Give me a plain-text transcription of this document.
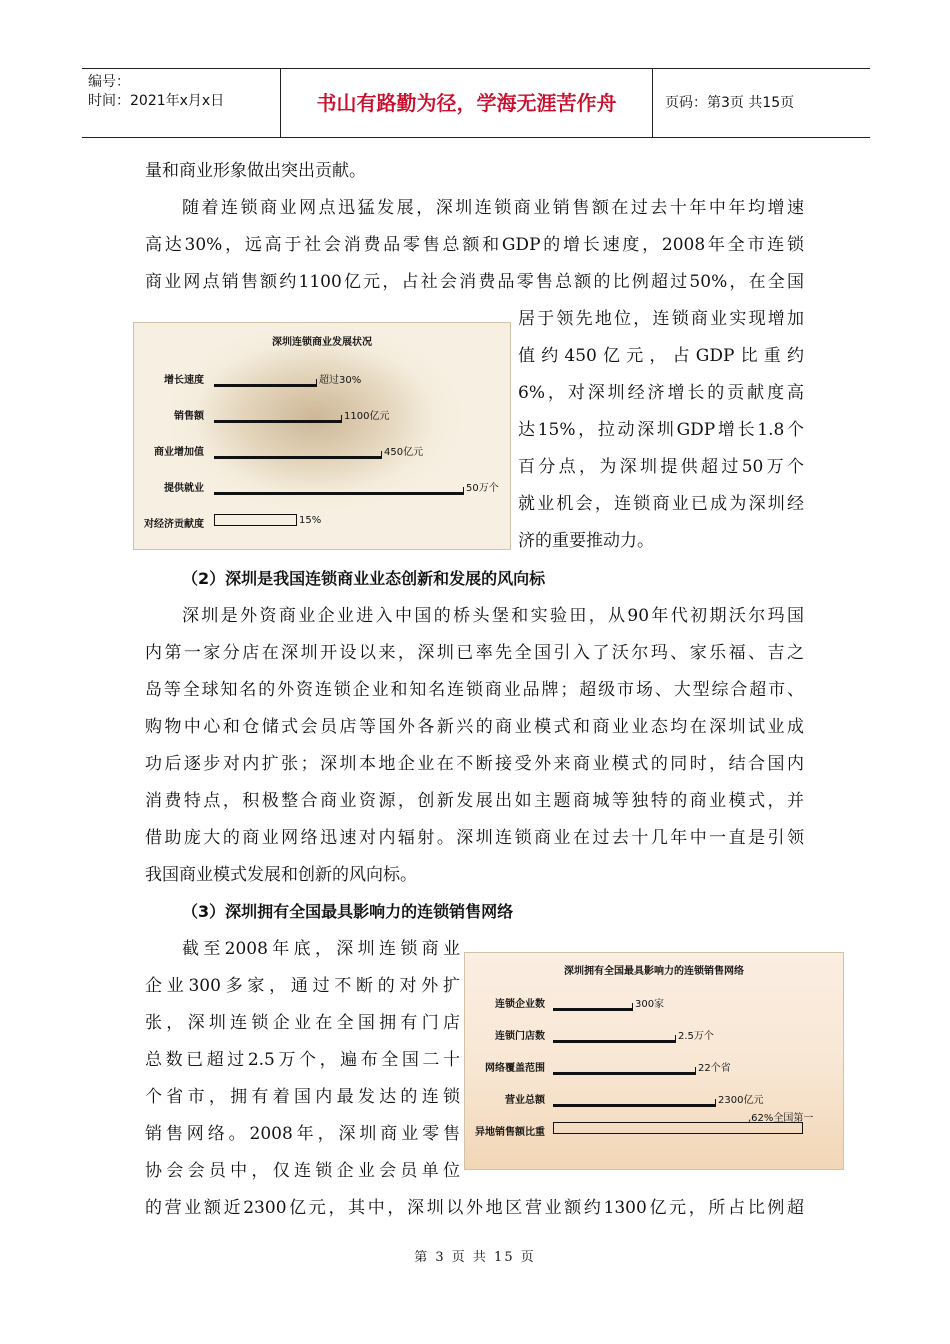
编号：
时间：2021年x月x日	书山有路勤为径，学海无涯苦作舟	页码：第3页 共15页
量和商业形象做出突出贡献。
随着连锁商业网点迅猛发展，深圳连锁商业销售额在过去十年中年均增速
高达30%，远高于社会消费品零售总额和GDP的增长速度，2008年全市连锁
商业网点销售额约1100亿元，占社会消费品零售总额的比例超过50%，在全国
居于领先地位，连锁商业实现增加
值约450亿元，占GDP比重约
6%，对深圳经济增长的贡献度高
达15%，拉动深圳GDP增长1.8个
百分点，为深圳提供超过50万个
就业机会，连锁商业已成为深圳经
济的重要推动力。
深圳连锁商业发展状况
增长速度	超过30%
销售额	1100亿元
商业增加值	450亿元
提供就业	50万个
对经济贡献度	15%
（2）深圳是我国连锁商业业态创新和发展的风向标
深圳是外资商业企业进入中国的桥头堡和实验田，从90年代初期沃尔玛国
内第一家分店在深圳开设以来，深圳已率先全国引入了沃尔玛、家乐福、吉之
岛等全球知名的外资连锁企业和知名连锁商业品牌；超级市场、大型综合超市、
购物中心和仓储式会员店等国外各新兴的商业模式和商业业态均在深圳试业成
功后逐步对内扩张；深圳本地企业在不断接受外来商业模式的同时，结合国内
消费特点，积极整合商业资源，创新发展出如主题商城等独特的商业模式，并
借助庞大的商业网络迅速对内辐射。深圳连锁商业在过去十几年中一直是引领
我国商业模式发展和创新的风向标。
（3）深圳拥有全国最具影响力的连锁销售网络
截至2008年底，深圳连锁商业
企业300多家，通过不断的对外扩
张，深圳连锁企业在全国拥有门店
总数已超过2.5万个，遍布全国二十
个省市，拥有着国内最发达的连锁
销售网络。2008年，深圳商业零售
协会会员中，仅连锁企业会员单位
的营业额近2300亿元，其中，深圳以外地区营业额约1300亿元，所占比例超
深圳拥有全国最具影响力的连锁销售网络
连锁企业数	300家
连锁门店数	2.5万个
网络覆盖范围	22个省
营业总额	2300亿元
异地销售额比重
,62%全国第一
第 3 页 共 15 页
